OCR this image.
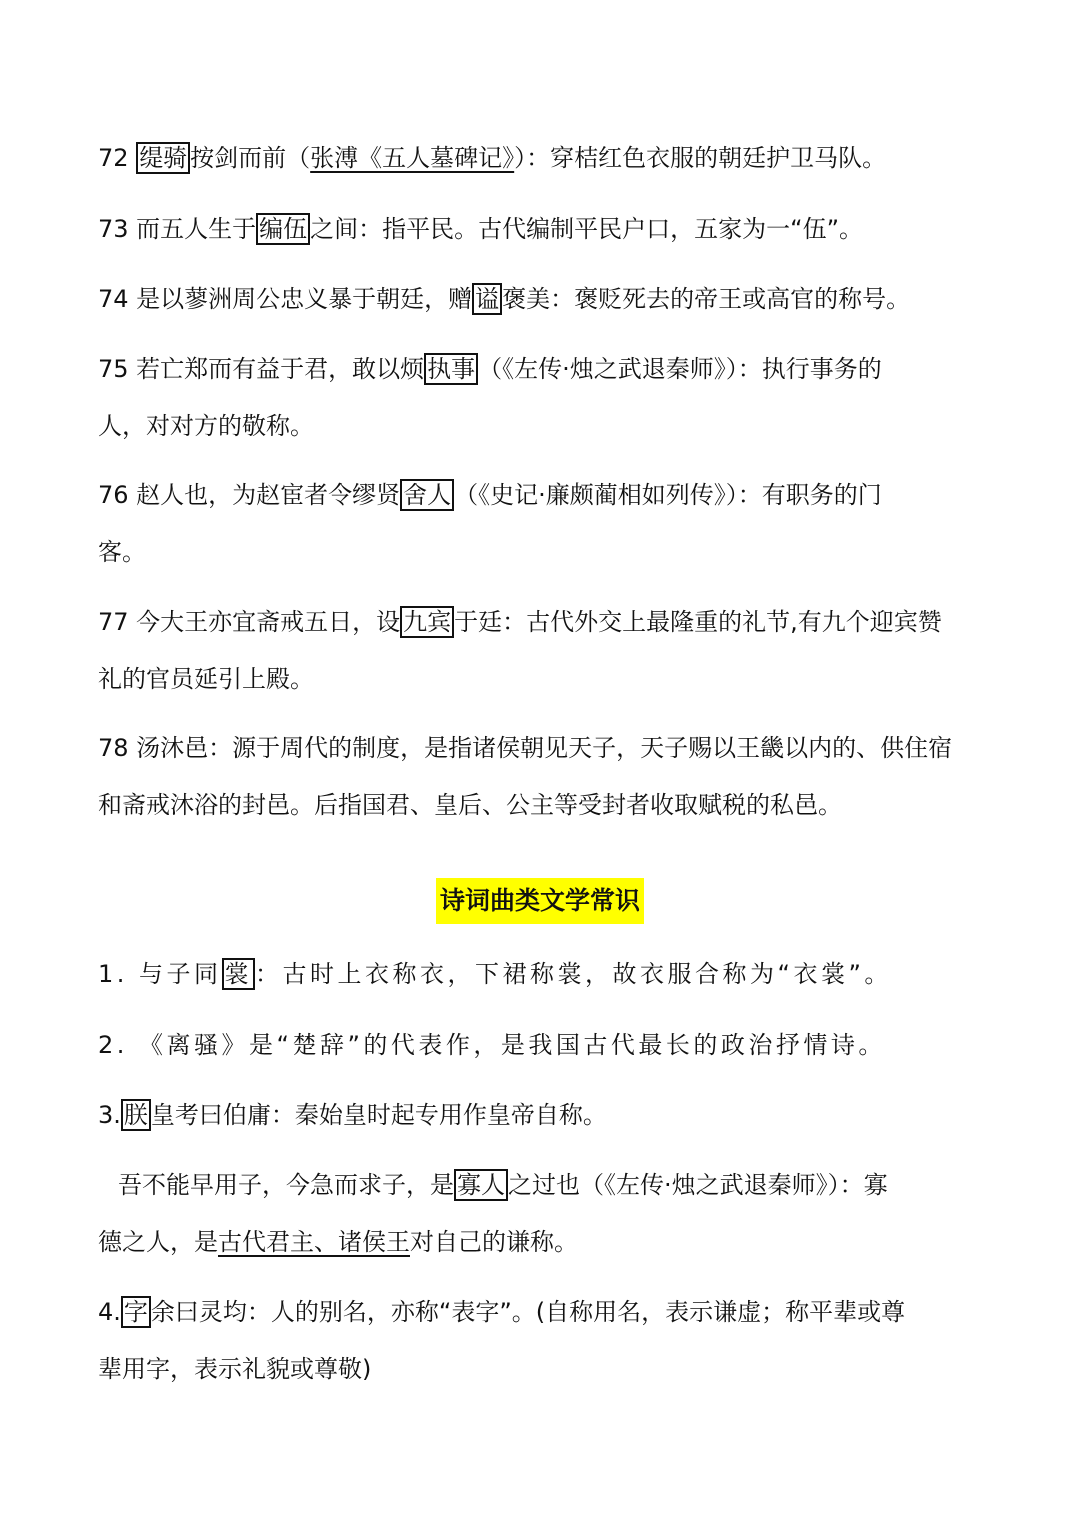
72 缇骑 按剑而前（张溥《五人墓碑记》）：穿桔红色衣服的朝廷护卫马队。
73 而五人生于 编伍 之间：指平民。古代编制平民户口，五家为一“伍”。
74 是以蓼洲周公忠义暴于朝廷，赠 谥 褒美：褒贬死去的帝王或高官的称号。
75 若亡郑而有益于君，敢以烦 执事 （《左传·烛之武退秦师》）：执行事务的
人，对对方的敬称。
76 赵人也，为赵宦者令缪贤 舍人 （《史记·廉颇蔺相如列传》）：有职务的门
客。
77 今大王亦宜斋戒五日，设 九宾 于廷：古代外交上最隆重的礼节,有九个迎宾赞
礼的官员延引上殿。
78 汤沐邑：源于周代的制度，是指诸侯朝见天子，天子赐以王畿以内的、供住宿
和斋戒沐浴的封邑。后指国君、皇后、公主等受封者收取赋税的私邑。
诗词曲类文学常识
1. 与子同 裳 ：古时上衣称衣，下裙称裳，故衣服合称为“衣裳”。
2. 《离骚》是“楚辞”的代表作，是我国古代最长的政治抒情诗。
3. 朕 皇考曰伯庸：秦始皇时起专用作皇帝自称。
吾不能早用子，今急而求子，是 寡人 之过也（《左传·烛之武退秦师》）：寡
德之人，是古代君主、诸侯王对自己的谦称。
4. 字 余曰灵均：人的别名，亦称“表字”。(自称用名，表示谦虚；称平辈或尊
辈用字，表示礼貌或尊敬)
